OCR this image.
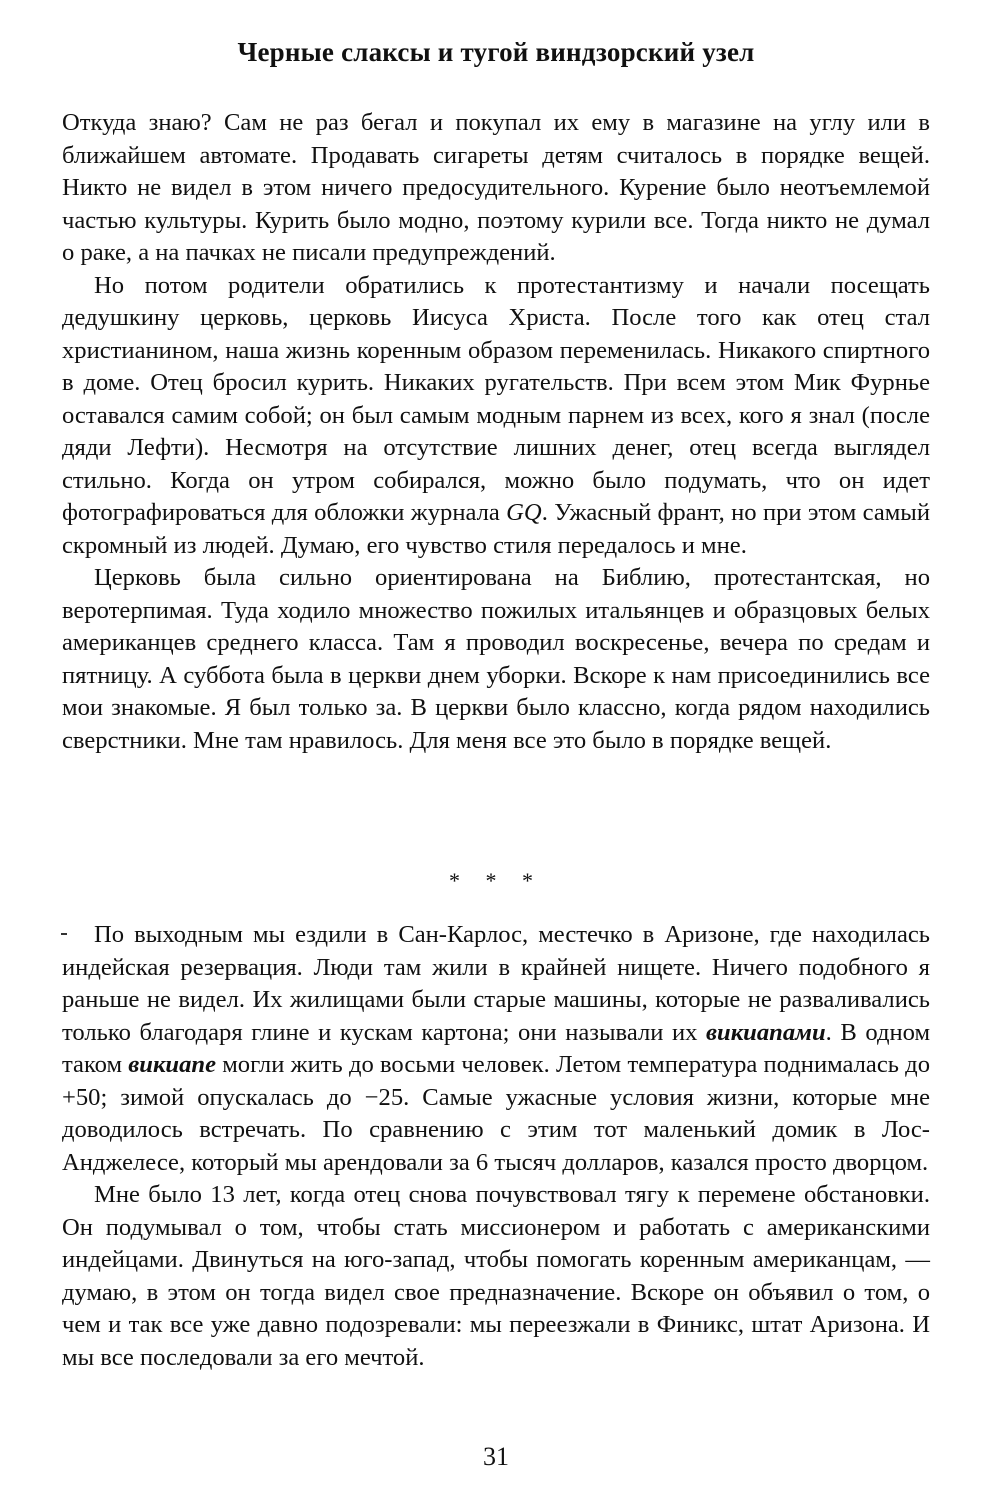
Черные слаксы и тугой виндзорский узел

Откуда знаю? Сам не раз бегал и покупал их ему в магазине на углу или в ближайшем автомате. Продавать сигареты детям считалось в порядке вещей. Никто не видел в этом ничего предосудительного. Курение было неотъемлемой частью культуры. Курить было модно, поэтому курили все. Тогда никто не думал о раке, а на пачках не писали предупреждений.

Но потом родители обратились к протестантизму и начали посещать дедушкину церковь, церковь Иисуса Христа. После того как отец стал христианином, наша жизнь коренным образом переменилась. Никакого спиртного в доме. Отец бросил курить. Никаких ругательств. При всем этом Мик Фурнье оставался самим собой; он был самым модным парнем из всех, кого я знал (после дяди Лефти). Несмотря на отсутствие лишних денег, отец всегда выглядел стильно. Когда он утром собирался, можно было подумать, что он идет фотографироваться для обложки журнала GQ. Ужасный франт, но при этом самый скромный из людей. Думаю, его чувство стиля передалось и мне.

Церковь была сильно ориентирована на Библию, протестантская, но веротерпимая. Туда ходило множество пожилых итальянцев и образцовых белых американцев среднего класса. Там я проводил воскресенье, вечера по средам и пятницу. А суббота была в церкви днем уборки. Вскоре к нам присоединились все мои знакомые. Я был только за. В церкви было классно, когда рядом находились сверстники. Мне там нравилось. Для меня все это было в порядке вещей.

* * *

По выходным мы ездили в Сан-Карлос, местечко в Аризоне, где находилась индейская резервация. Люди там жили в крайней нищете. Ничего подобного я раньше не видел. Их жилищами были старые машины, которые не разваливались только благодаря глине и кускам картона; они называли их викиапами. В одном таком викиапе могли жить до восьми человек. Летом температура поднималась до +50; зимой опускалась до −25. Самые ужасные условия жизни, которые мне доводилось встречать. По сравнению с этим тот маленький домик в Лос-Анджелесе, который мы арендовали за 6 тысяч долларов, казался просто дворцом.

Мне было 13 лет, когда отец снова почувствовал тягу к перемене обстановки. Он подумывал о том, чтобы стать миссионером и работать с американскими индейцами. Двинуться на юго-запад, чтобы помогать коренным американцам, — думаю, в этом он тогда видел свое предназначение. Вскоре он объявил о том, о чем и так все уже давно подозревали: мы переезжали в Финикс, штат Аризона. И мы все последовали за его мечтой.

31
